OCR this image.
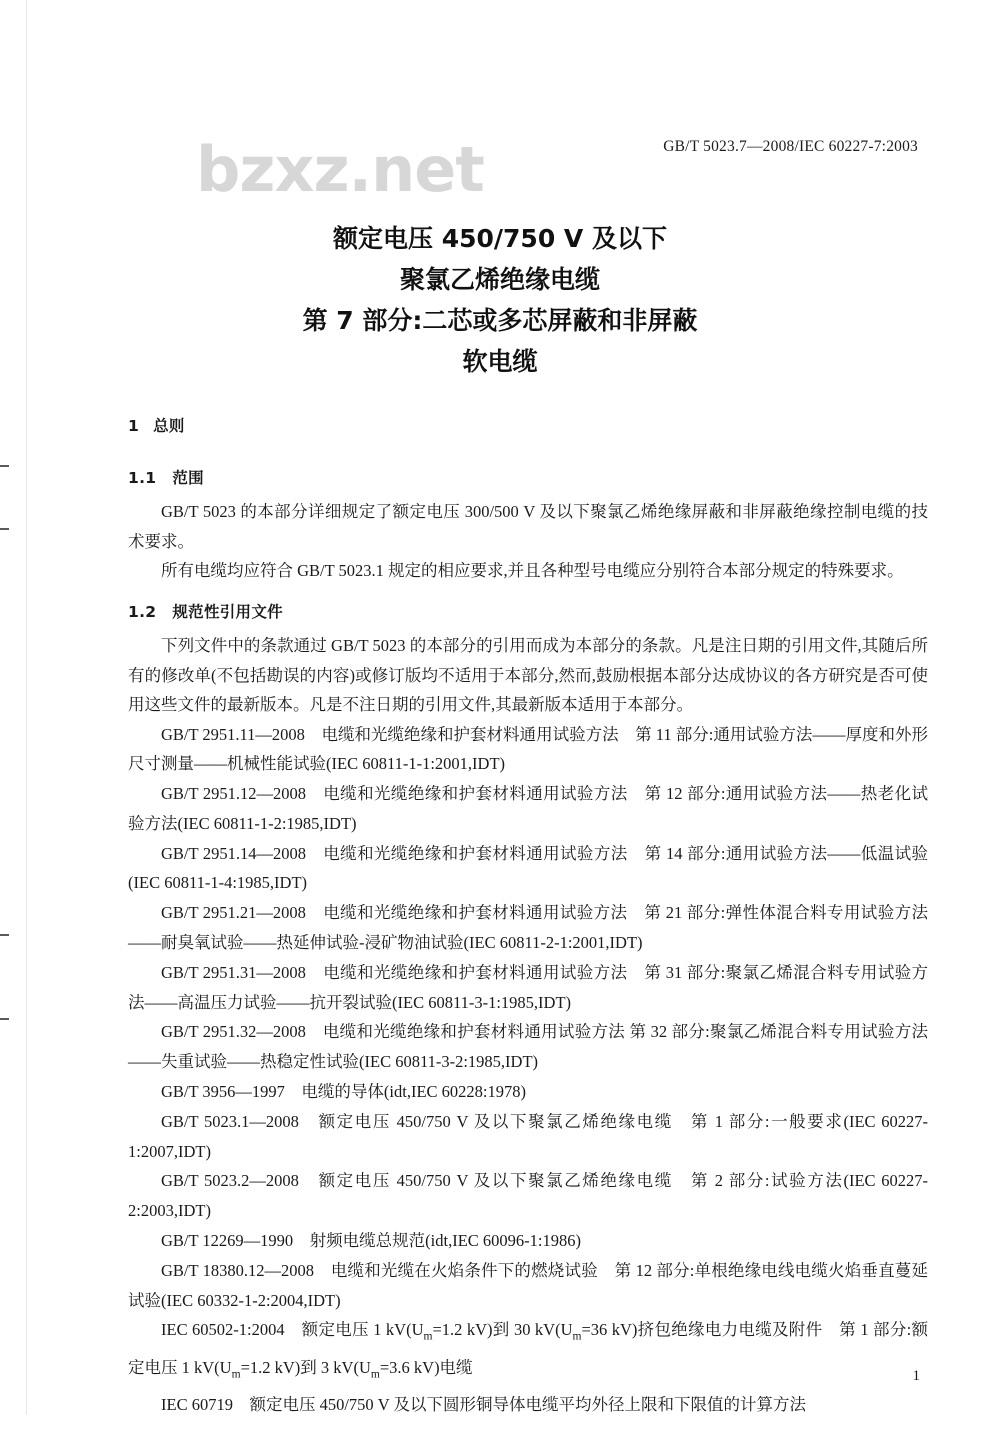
GB/T 5023.7—2008/IEC 60227-7:2003
bzxz.net
额定电压 450/750 V 及以下
聚氯乙烯绝缘电缆
第 7 部分:二芯或多芯屏蔽和非屏蔽
软电缆
1 总则
1.1 范围

GB/T 5023 的本部分详细规定了额定电压 300/500 V 及以下聚氯乙烯绝缘屏蔽和非屏蔽绝缘控制电缆的技术要求。

所有电缆均应符合 GB/T 5023.1 规定的相应要求,并且各种型号电缆应分别符合本部分规定的特殊要求。

1.2 规范性引用文件

下列文件中的条款通过 GB/T 5023 的本部分的引用而成为本部分的条款。凡是注日期的引用文件,其随后所有的修改单(不包括勘误的内容)或修订版均不适用于本部分,然而,鼓励根据本部分达成协议的各方研究是否可使用这些文件的最新版本。凡是不注日期的引用文件,其最新版本适用于本部分。

GB/T 2951.11—2008　电缆和光缆绝缘和护套材料通用试验方法　第 11 部分:通用试验方法——厚度和外形尺寸测量——机械性能试验(IEC 60811-1-1:2001,IDT)

GB/T 2951.12—2008　电缆和光缆绝缘和护套材料通用试验方法　第 12 部分:通用试验方法——热老化试验方法(IEC 60811-1-2:1985,IDT)

GB/T 2951.14—2008　电缆和光缆绝缘和护套材料通用试验方法　第 14 部分:通用试验方法——低温试验(IEC 60811-1-4:1985,IDT)

GB/T 2951.21—2008　电缆和光缆绝缘和护套材料通用试验方法　第 21 部分:弹性体混合料专用试验方法——耐臭氧试验——热延伸试验-浸矿物油试验(IEC 60811-2-1:2001,IDT)

GB/T 2951.31—2008　电缆和光缆绝缘和护套材料通用试验方法　第 31 部分:聚氯乙烯混合料专用试验方法——高温压力试验——抗开裂试验(IEC 60811-3-1:1985,IDT)

GB/T 2951.32—2008　电缆和光缆绝缘和护套材料通用试验方法 第 32 部分:聚氯乙烯混合料专用试验方法——失重试验——热稳定性试验(IEC 60811-3-2:1985,IDT)

GB/T 3956—1997　电缆的导体(idt,IEC 60228:1978)

GB/T 5023.1—2008　额定电压 450/750 V 及以下聚氯乙烯绝缘电缆　第 1 部分:一般要求(IEC 60227-1:2007,IDT)

GB/T 5023.2—2008　额定电压 450/750 V 及以下聚氯乙烯绝缘电缆　第 2 部分:试验方法(IEC 60227-2:2003,IDT)

GB/T 12269—1990　射频电缆总规范(idt,IEC 60096-1:1986)

GB/T 18380.12—2008　电缆和光缆在火焰条件下的燃烧试验　第 12 部分:单根绝缘电线电缆火焰垂直蔓延试验(IEC 60332-1-2:2004,IDT)

IEC 60502-1:2004　额定电压 1 $kV(U_m=1.2$ kV)到 30 $kV(U_m=36$ kV)挤包绝缘电力电缆及附件　第 1 部分:额定电压 1 $kV(U_m=1.2$ kV)到 3 $kV(U_m=3.6$ kV)电缆

IEC 60719　额定电压 450/750 V 及以下圆形铜导体电缆平均外径上限和下限值的计算方法

1
